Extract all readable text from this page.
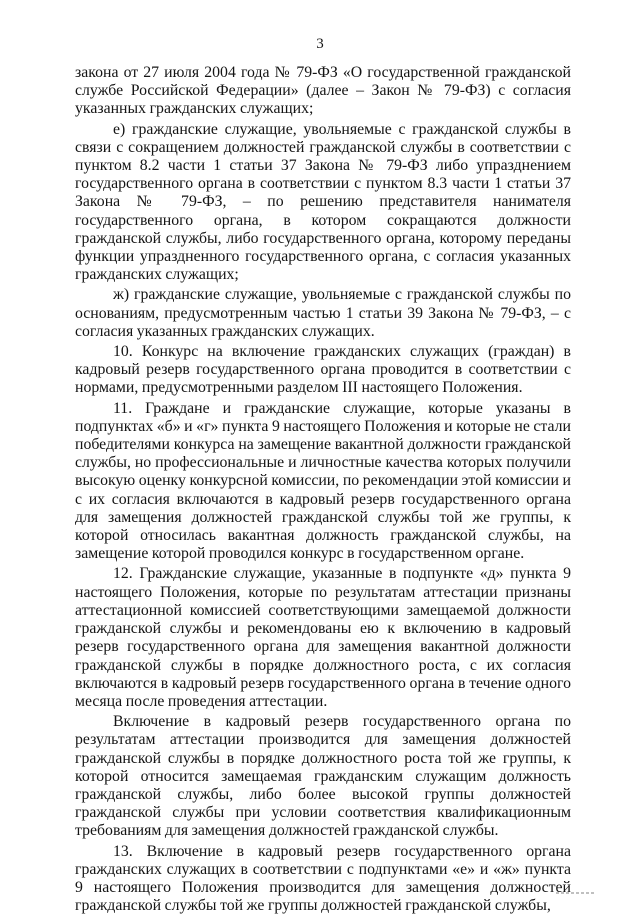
3

закона от 27 июля 2004 года № 79-ФЗ «О государственной гражданской службе Российской Федерации» (далее – Закон № 79-ФЗ) с согласия указанных гражданских служащих;

е) гражданские служащие, увольняемые с гражданской службы в связи с сокращением должностей гражданской службы в соответствии с пунктом 8.2 части 1 статьи 37 Закона № 79-ФЗ либо упразднением государственного органа в соответствии с пунктом 8.3 части 1 статьи 37 Закона № 79-ФЗ, – по решению представителя нанимателя государственного органа, в котором сокращаются должности гражданской службы, либо государственного органа, которому переданы функции упраздненного государственного органа, с согласия указанных гражданских служащих;

ж) гражданские служащие, увольняемые с гражданской службы по основаниям, предусмотренным частью 1 статьи 39 Закона № 79-ФЗ, – с согласия указанных гражданских служащих.

10. Конкурс на включение гражданских служащих (граждан) в кадровый резерв государственного органа проводится в соответствии с нормами, предусмотренными разделом III настоящего Положения.

11. Граждане и гражданские служащие, которые указаны в подпунктах «б» и «г» пункта 9 настоящего Положения и которые не стали победителями конкурса на замещение вакантной должности гражданской службы, но профессиональные и личностные качества которых получили высокую оценку конкурсной комиссии, по рекомендации этой комиссии и с их согласия включаются в кадровый резерв государственного органа для замещения должностей гражданской службы той же группы, к которой относилась вакантная должность гражданской службы, на замещение которой проводился конкурс в государственном органе.

12. Гражданские служащие, указанные в подпункте «д» пункта 9 настоящего Положения, которые по результатам аттестации признаны аттестационной комиссией соответствующими замещаемой должности гражданской службы и рекомендованы ею к включению в кадровый резерв государственного органа для замещения вакантной должности гражданской службы в порядке должностного роста, с их согласия включаются в кадровый резерв государственного органа в течение одного месяца после проведения аттестации.

Включение в кадровый резерв государственного органа по результатам аттестации производится для замещения должностей гражданской службы в порядке должностного роста той же группы, к которой относится замещаемая гражданским служащим должность гражданской службы, либо более высокой группы должностей гражданской службы при условии соответствия квалификационным требованиям для замещения должностей гражданской службы.

13. Включение в кадровый резерв государственного органа гражданских служащих в соответствии с подпунктами «е» и «ж» пункта 9 настоящего Положения производится для замещения должностей гражданской службы той же группы должностей гражданской службы,
